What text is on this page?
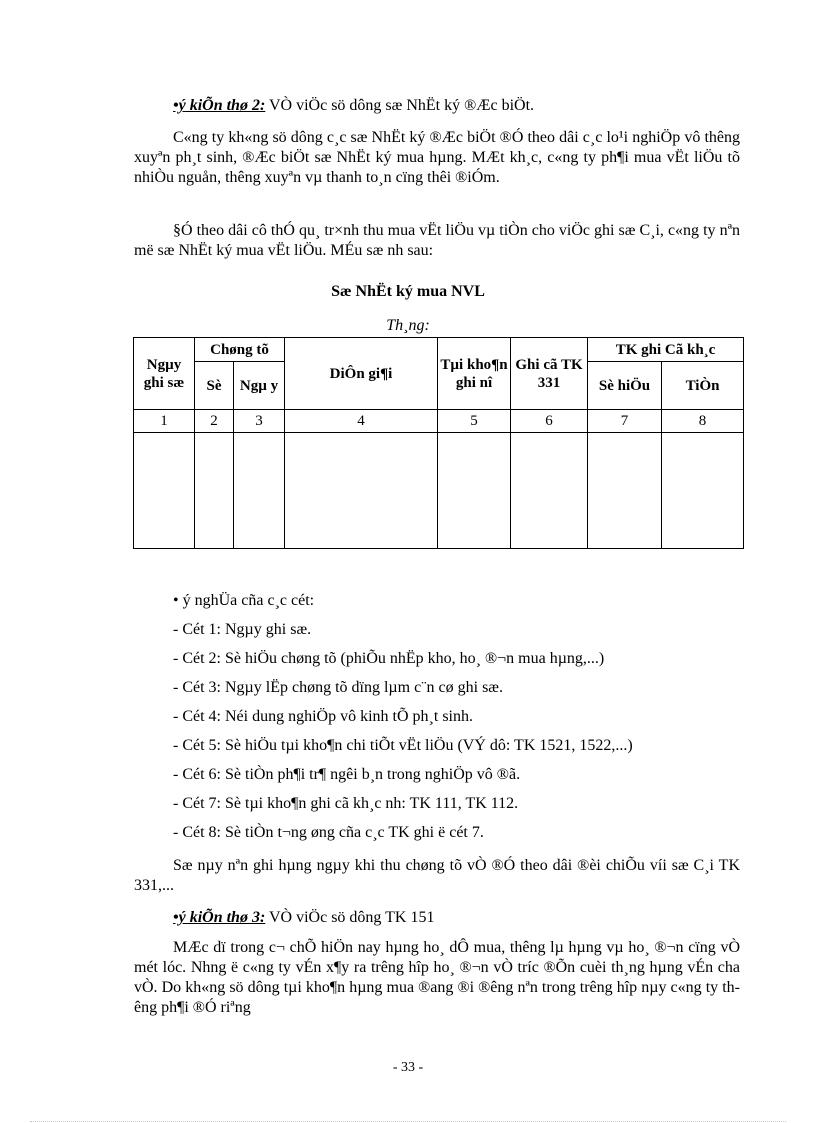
•ý kiÕn thø 2: VÒ viÖc sö dông sæ NhËt ký ®Æc biÖt.

C«ng ty kh«ng sö dông c¸c sæ NhËt ký ®Æc biÖt ®Ó theo dâi c¸c lo¹i nghiÖp vô thêng xuyªn ph¸t sinh, ®Æc biÖt sæ NhËt ký mua hµng. MÆt kh¸c, c«ng ty ph¶i mua vËt liÖu tõ nhiÒu nguån, thêng xuyªn vµ thanh to¸n cïng thêi ®iÓm.

§Ó theo dâi cô thÓ qu¸ tr×nh thu mua vËt liÖu vµ tiÒn cho viÖc ghi sæ C¸i, c«ng ty nªn më sæ NhËt ký mua vËt liÖu. MÉu sæ nh sau:

Sæ NhËt ký mua NVL
Th¸ng:
Ngµy ghi sæ	Chøng tõ		DiÔn gi¶i	Tµi kho¶n ghi nî	Ghi cã TK 331	TK ghi Cã kh¸c	
	Sè	Ngµ y				Sè hiÖu	TiÒn
1	2	3	4	5	6	7	8

• ý nghÜa cña c¸c cét:

- Cét 1: Ngµy ghi sæ.

- Cét 2: Sè hiÖu chøng tõ (phiÕu nhËp kho, ho¸ ®¬n mua hµng,...)

- Cét 3: Ngµy lËp chøng tõ dïng lµm c¨n cø ghi sæ.

- Cét 4: Néi dung nghiÖp vô kinh tÕ ph¸t sinh.

- Cét 5: Sè hiÖu tµi kho¶n chi tiÕt vËt liÖu (VÝ dô: TK 1521, 1522,...)

- Cét 6: Sè tiÒn ph¶i tr¶ ngêi b¸n trong nghiÖp vô ®ã.

- Cét 7: Sè tµi kho¶n ghi cã kh¸c nh: TK 111, TK 112.

- Cét 8: Sè tiÒn t¬ng øng cña c¸c TK ghi ë cét 7.

Sæ nµy nªn ghi hµng ngµy khi thu chøng tõ vÒ ®Ó theo dâi ®èi chiÕu víi sæ C¸i TK 331,...

•ý kiÕn thø 3: VÒ viÖc sö dông TK 151

MÆc dï trong c¬ chÕ hiÖn nay hµng ho¸ dÔ mua, thêng lµ hµng vµ ho¸ ®¬n cïng vÒ mét lóc. Nhng ë c«ng ty vÉn x¶y ra trêng hîp ho¸ ®¬n vÒ tríc ®Õn cuèi th¸ng hµng vÉn cha vÒ. Do kh«ng sö dông tµi kho¶n hµng mua ®ang ®i ®êng nªn trong trêng hîp nµy c«ng ty thêng ph¶i ®Ó riªng

- 33 -
